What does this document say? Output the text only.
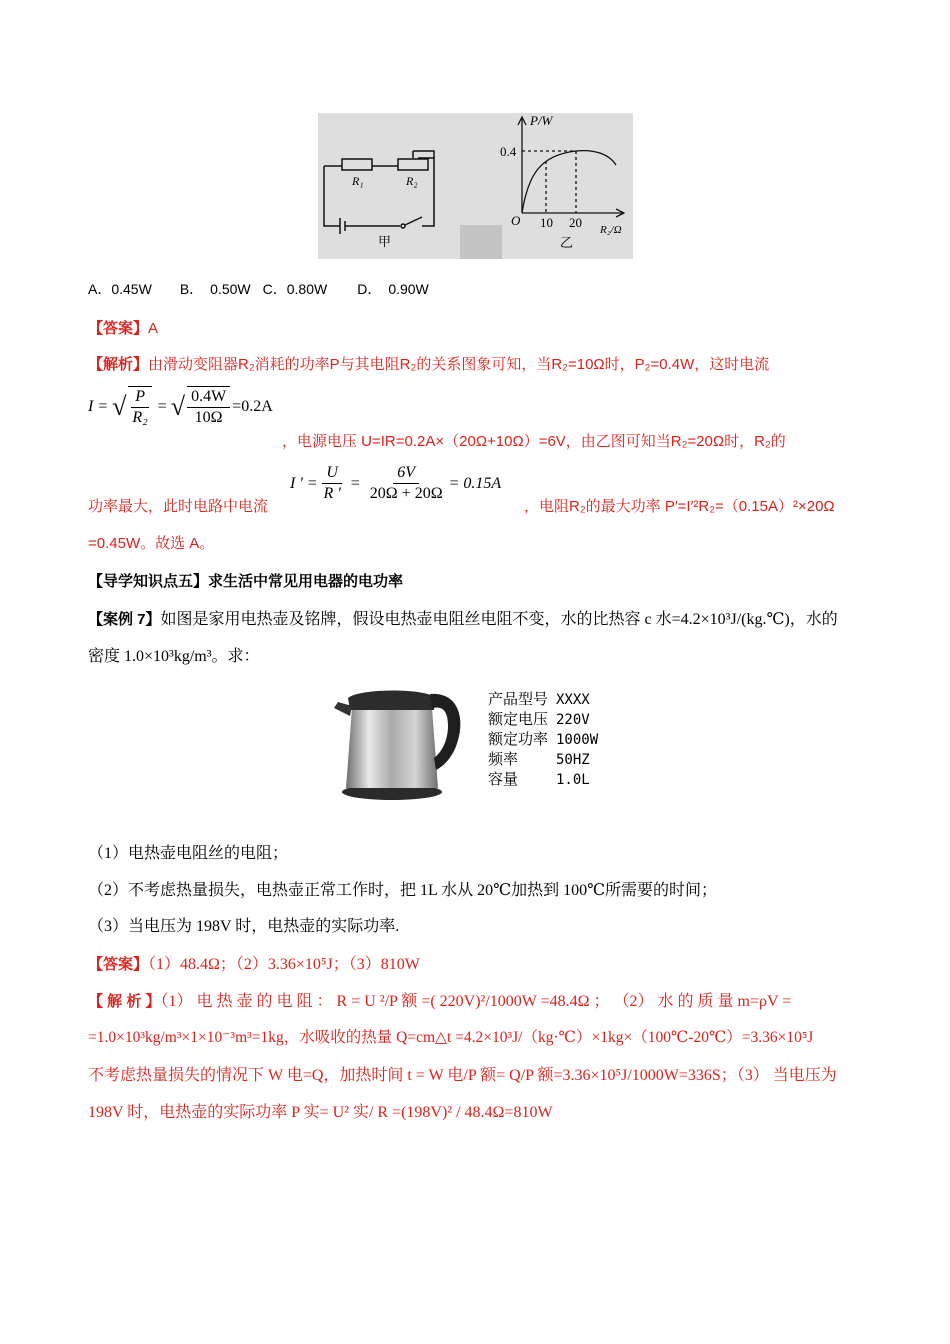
R₁	R₂
甲
P/W
0.4
O 10 20 R₂/Ω
乙
A．0.45W B．　0.50W C．0.80W D．　0.90W
【答案】A
【解析】由滑动变阻器R₂消耗的功率P与其电阻R₂的关系图象可知，当R₂=10Ω时，P₂=0.4W，这时电流
I = √ $\frac{P}{\text{R₂}}$ = √ $\frac{0.4W}{10\Omega} =0.2A$
，电源电压 U=IR=0.2A×（20Ω+10Ω）=6V，由乙图可知当R₂=20Ω时，R₂的
功率最大，此时电路中电流
I ' = $\frac{U}{R '} = \frac{6V}{20\Omega + 20\Omega} = 0.15A$
，电阻R₂的最大功率 P′=I′²R₂=（0.15A）²×20Ω
=0.45W。故选 A。
【导学知识点五】求生活中常见用电器的电功率
【案例 7】如图是家用电热壶及铭牌，假设电热壶电阻丝电阻不变，水的比热容 c 水=4.2×10³J/(kg.℃)，水的
密度 1.0×10³kg/m³。求：
产品型号 XXXX
额定电压 220V
额定功率 1000W
频率	50HZ
容量	1.0L
（1）电热壶电阻丝的电阻；
（2）不考虑热量损失，电热壶正常工作时，把 1L 水从 20℃加热到 100℃所需要的时间；
（3）当电压为 198V 时，电热壶的实际功率.
【答案】（1）48.4Ω；（2）3.36×10⁵J；（3）810W
【 解 析 】（1） 电 热 壶 的 电 阻 ： R = U ²/P 额 =( 220V)²/1000W =48.4Ω ； （2） 水 的 质 量 m=ρV =
=1.0×10³kg/m³×1×10⁻³m³=1kg，水吸收的热量 Q=cm△t =4.2×10³J/（kg·℃）×1kg×（100℃-20℃）=3.36×10⁵J
不考虑热量损失的情况下 W 电=Q，加热时间 t = W 电/P 额= Q/P 额=3.36×10⁵J/1000W=336S；（3） 当电压为
198V 时，电热壶的实际功率 P 实= U² 实/ R =(198V)² / 48.4Ω=810W
